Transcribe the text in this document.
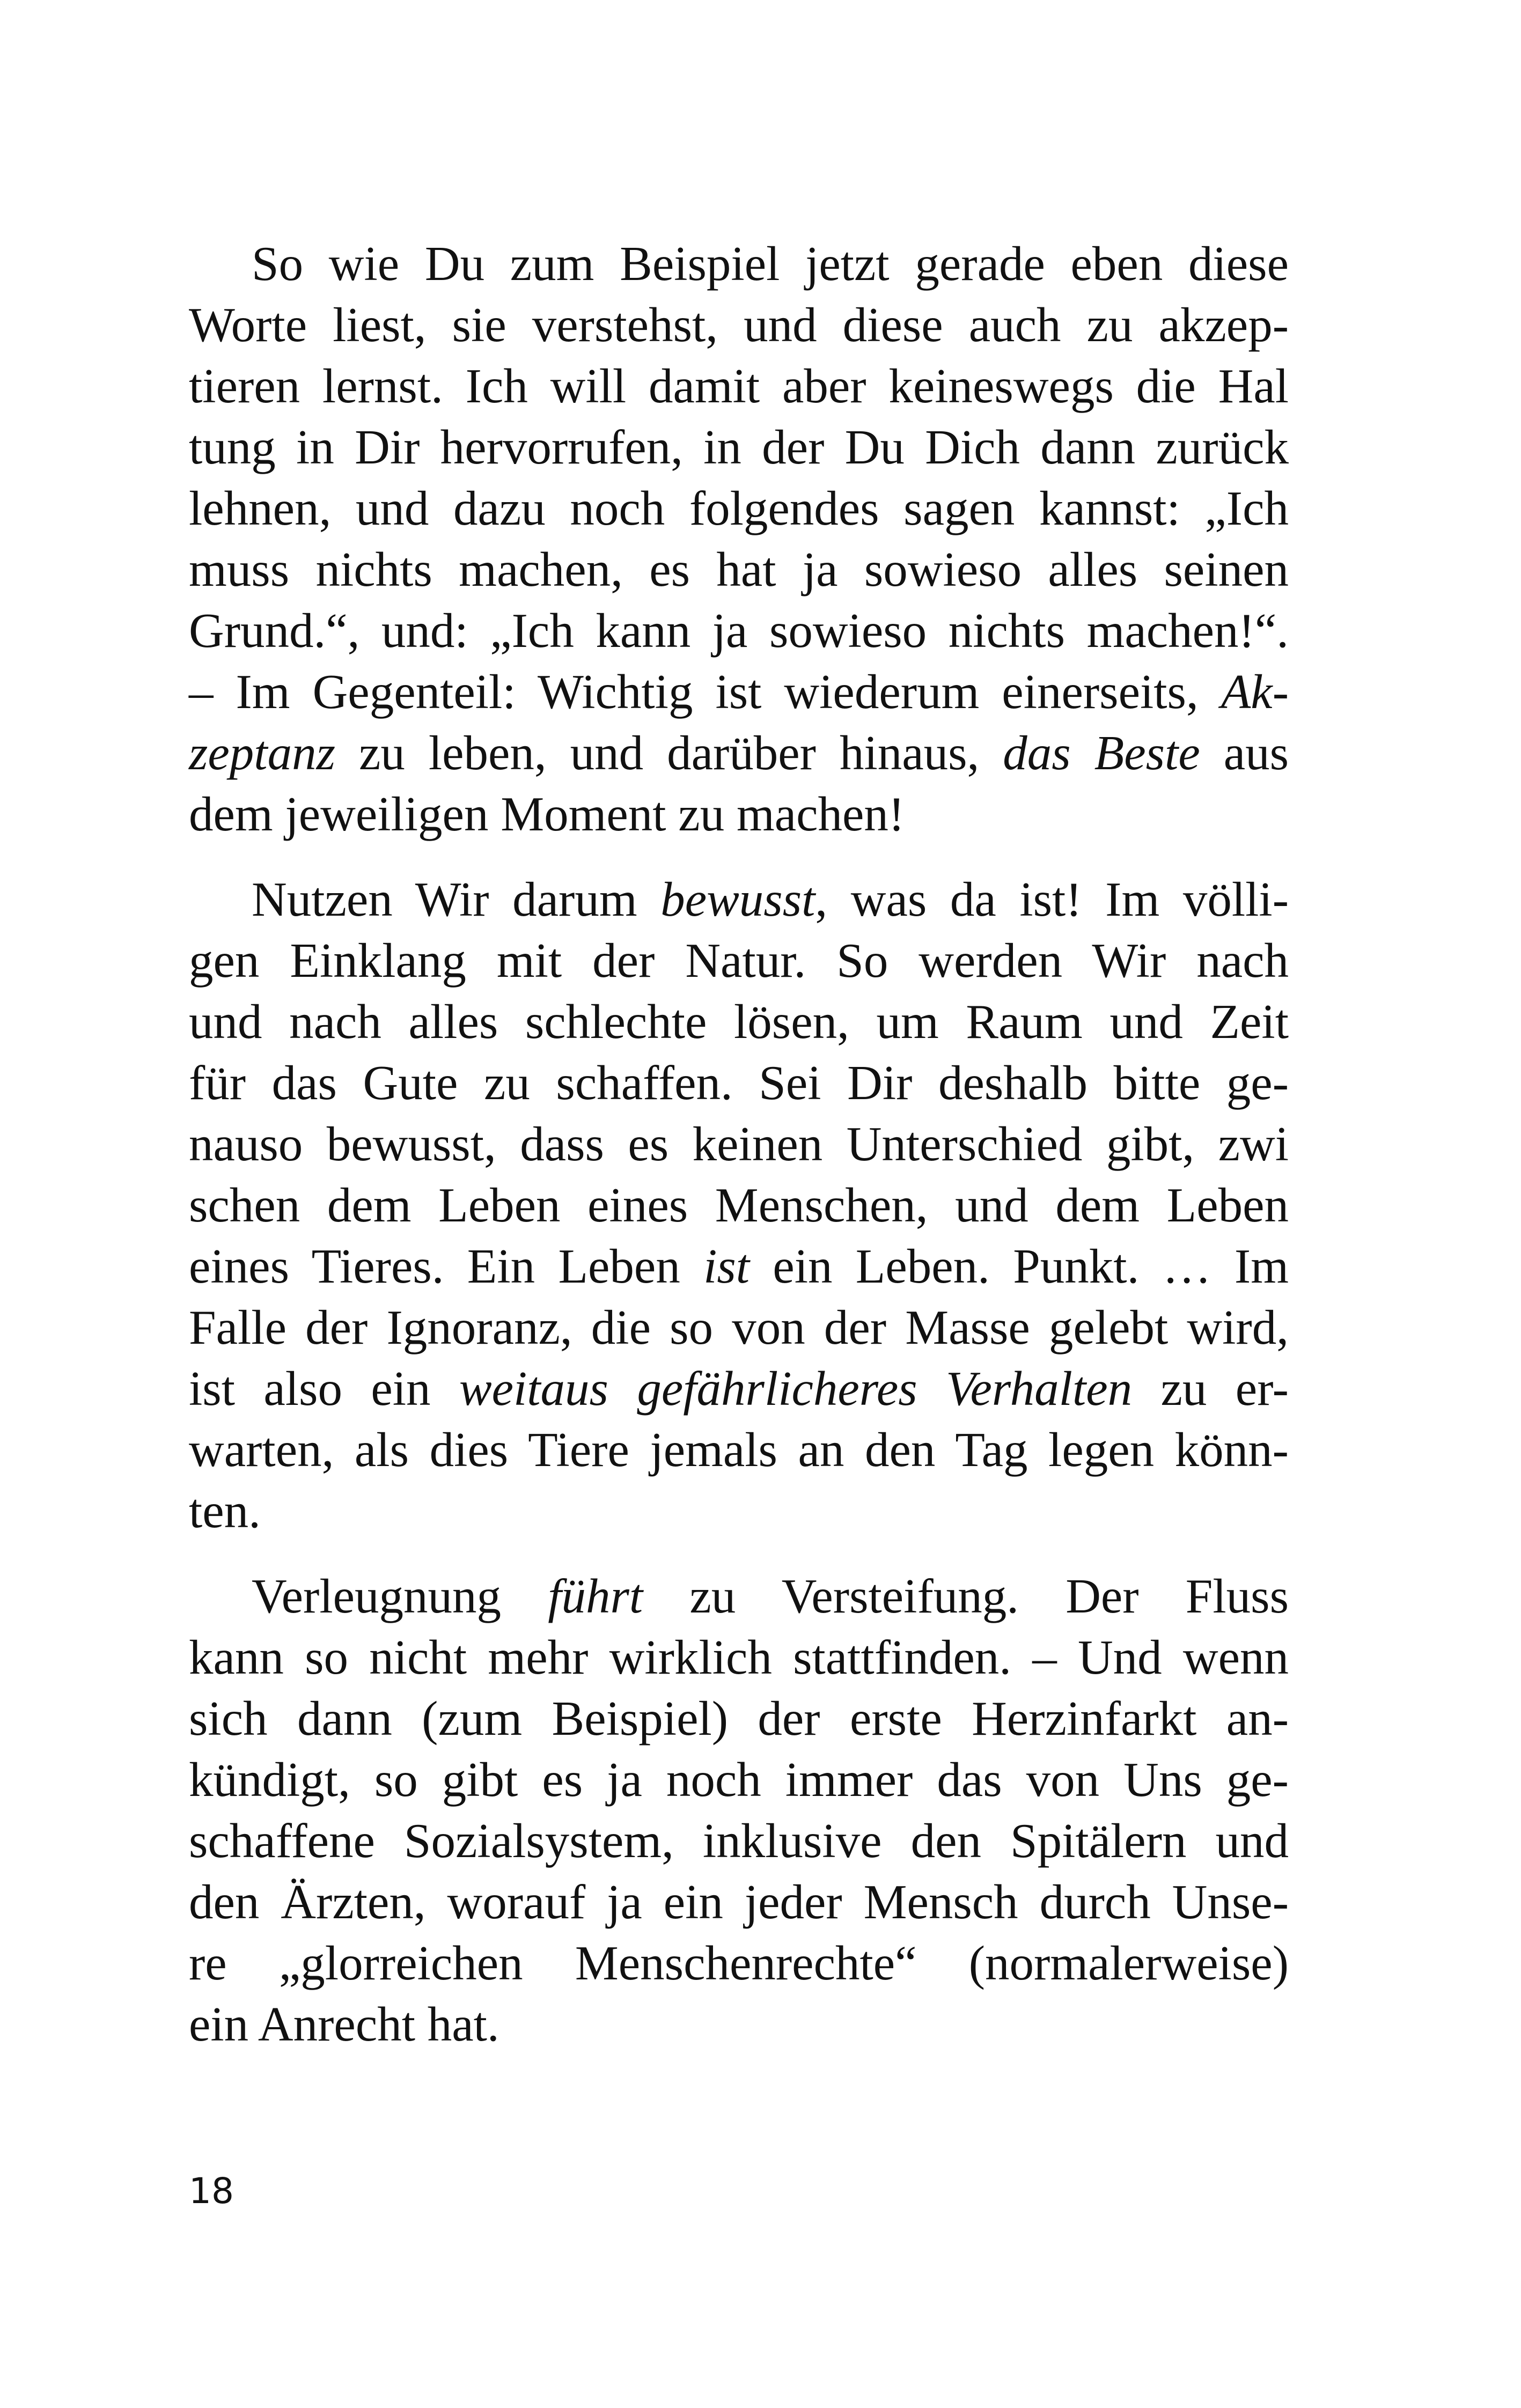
So wie Du zum Beispiel jetzt gerade eben diese
Worte liest, sie verstehst, und diese auch zu akzep-
tieren lernst. Ich will damit aber keineswegs die Hal
tung in Dir hervorrufen, in der Du Dich dann zurück
lehnen, und dazu noch folgendes sagen kannst: „Ich
muss nichts machen, es hat ja sowieso alles seinen
Grund.“, und: „Ich kann ja sowieso nichts machen!“.
– Im Gegenteil: Wichtig ist wiederum einerseits, Ak-
zeptanz zu leben, und darüber hinaus, das Beste aus
dem jeweiligen Moment zu machen!
Nutzen Wir darum bewusst, was da ist! Im völli-
gen Einklang mit der Natur. So werden Wir nach
und nach alles schlechte lösen, um Raum und Zeit
für das Gute zu schaffen. Sei Dir deshalb bitte ge-
nauso bewusst, dass es keinen Unterschied gibt, zwi
schen dem Leben eines Menschen, und dem Leben
eines Tieres. Ein Leben ist ein Leben. Punkt. … Im
Falle der Ignoranz, die so von der Masse gelebt wird,
ist also ein weitaus gefährlicheres Verhalten zu er-
warten, als dies Tiere jemals an den Tag legen könn-
ten.
Verleugnung führt zu Versteifung. Der Fluss
kann so nicht mehr wirklich stattfinden. – Und wenn
sich dann (zum Beispiel) der erste Herzinfarkt an-
kündigt, so gibt es ja noch immer das von Uns ge-
schaffene Sozialsystem, inklusive den Spitälern und
den Ärzten, worauf ja ein jeder Mensch durch Unse-
re „glorreichen Menschenrechte“ (normalerweise)
ein Anrecht hat.
18
